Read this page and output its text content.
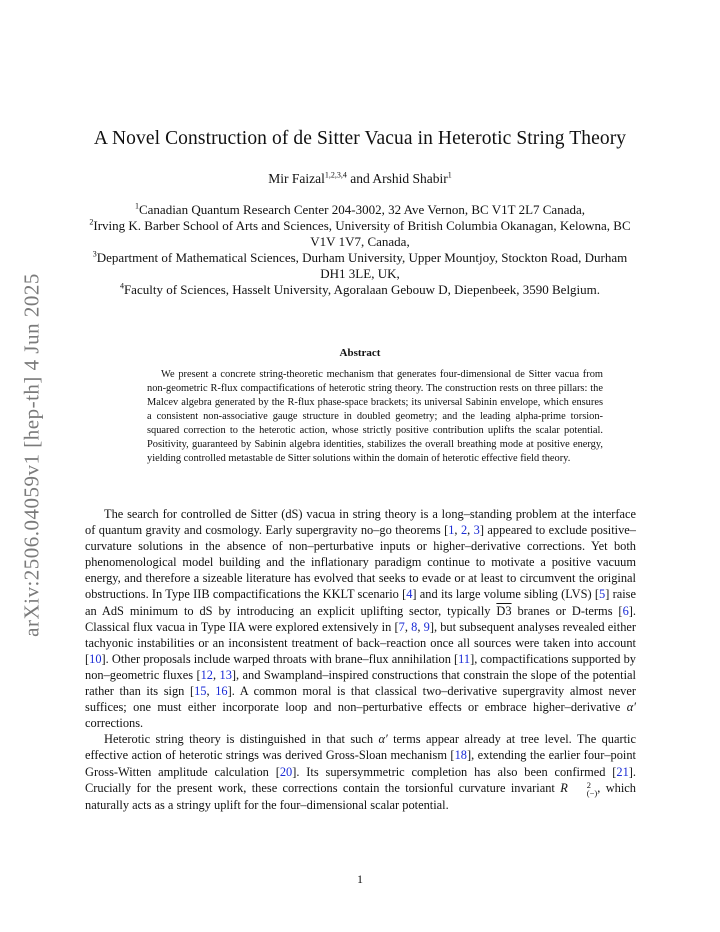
arXiv:2506.04059v1 [hep-th] 4 Jun 2025
A Novel Construction of de Sitter Vacua in Heterotic String Theory
Mir Faizal$^{1,2,3,4}$ and Arshid Shabir$^1$

$^1$Canadian Quantum Research Center 204-3002, 32 Ave Vernon, BC V1T 2L7 Canada,

$^2$Irving K. Barber School of Arts and Sciences, University of British Columbia Okanagan, Kelowna, BC V1V 1V7, Canada,

$^3$Department of Mathematical Sciences, Durham University, Upper Mountjoy, Stockton Road, Durham DH1 3LE, UK,

$^4$Faculty of Sciences, Hasselt University, Agoralaan Gebouw D, Diepenbeek, 3590 Belgium.

Abstract

We present a concrete string-theoretic mechanism that generates four-dimensional de Sitter vacua from non-geometric R-flux compactifications of heterotic string theory. The construction rests on three pillars: the Malcev algebra generated by the R-flux phase-space brackets; its universal Sabinin envelope, which ensures a consistent non-associative gauge structure in doubled geometry; and the leading alpha-prime torsion-squared correction to the heterotic action, whose strictly positive contribution uplifts the scalar potential. Positivity, guaranteed by Sabinin algebra identities, stabilizes the overall breathing mode at positive energy, yielding controlled metastable de Sitter solutions within the domain of heterotic effective field theory.

The search for controlled de Sitter (dS) vacua in string theory is a long–standing problem at the interface of quantum gravity and cosmology. Early supergravity no–go theorems [1, 2, 3] appeared to exclude positive–curvature solutions in the absence of non–perturbative inputs or higher–derivative corrections. Yet both phenomenological model building and the inflationary paradigm continue to motivate a positive vacuum energy, and therefore a sizeable literature has evolved that seeks to evade or at least to circumvent the original obstructions. In Type IIB compactifications the KKLT scenario [4] and its large volume sibling (LVS) [5] raise an AdS minimum to dS by introducing an explicit uplifting sector, typically D3 branes or D-terms [6]. Classical flux vacua in Type IIA were explored extensively in [7, 8, 9], but subsequent analyses revealed either tachyonic instabilities or an inconsistent treatment of back–reaction once all sources were taken into account [10]. Other proposals include warped throats with brane–flux annihilation [11], compactifications supported by non–geometric fluxes [12, 13], and Swampland–inspired constructions that constrain the slope of the potential rather than its sign [15, 16]. A common moral is that classical two–derivative supergravity almost never suffices; one must either incorporate loop and non–perturbative effects or embrace higher–derivative α′ corrections.

Heterotic string theory is distinguished in that such α′ terms appear already at tree level. The quartic effective action of heterotic strings was derived Gross-Sloan mechanism [18], extending the earlier four–point Gross-Witten amplitude calculation [20]. Its supersymmetric completion has also been confirmed [21]. Crucially for the present work, these corrections contain the torsionful curvature invariant R	2
(−) , which naturally acts as a stringy uplift for the four–dimensional scalar potential.

1
